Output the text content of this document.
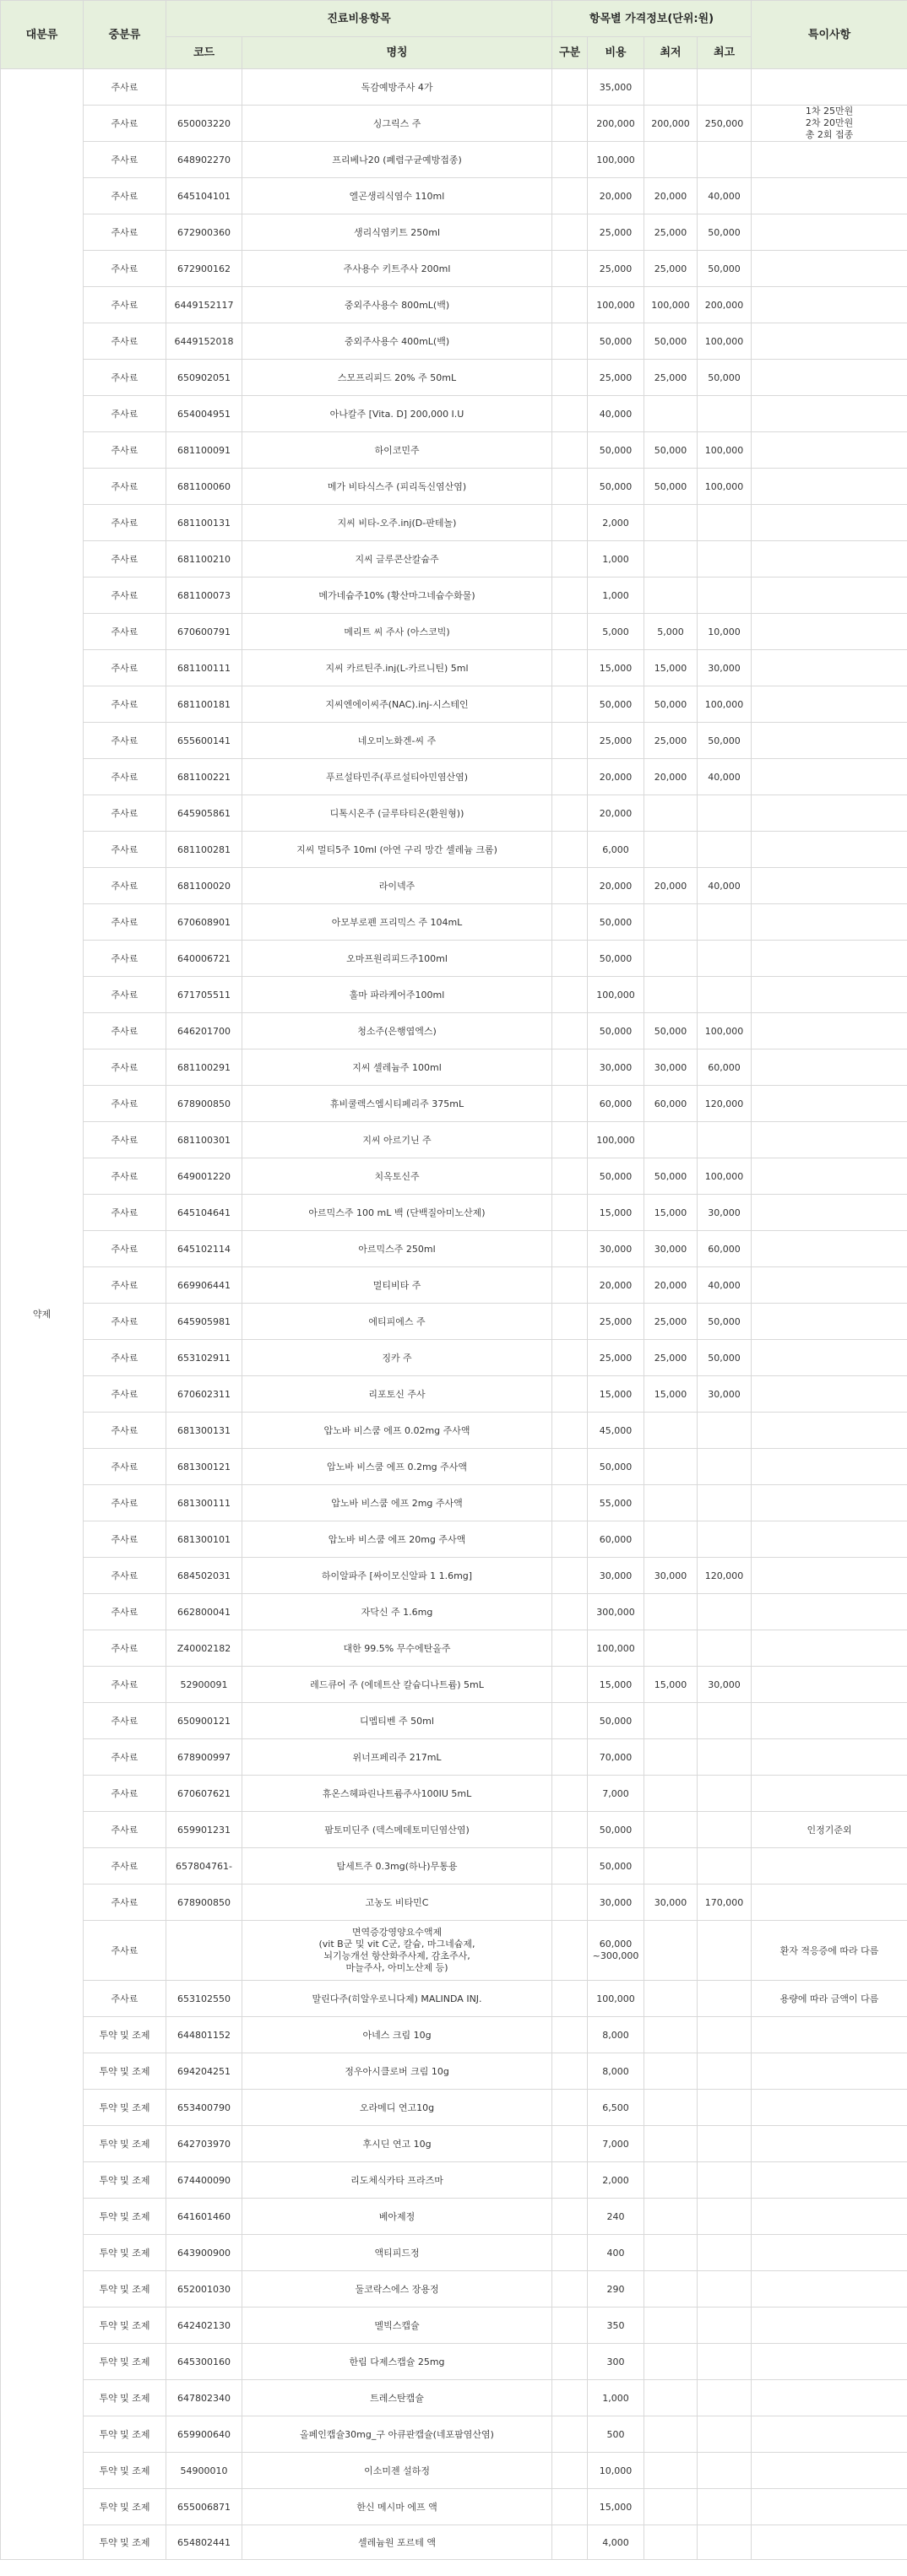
대분류	중분류	진료비용항목		항목별 가격정보(단위:원)				특이사항
		코드	명칭	구분	비용	최저	최고	
약제	주사료		독감예방주사 4가		35,000			
	주사료	650003220	싱그릭스 주		200,000	200,000	250,000	1차 25만원
2차 20만원
총 2회 접종
	주사료	648902270	프리베나20 (폐렴구균예방접종)		100,000			
	주사료	645104101	엘곤생리식염수 110ml		20,000	20,000	40,000	
	주사료	672900360	생리식염키트 250ml		25,000	25,000	50,000	
	주사료	672900162	주사용수 키트주사 200ml		25,000	25,000	50,000	
	주사료	6449152117	중외주사용수 800mL(백)		100,000	100,000	200,000	
	주사료	6449152018	중외주사용수 400mL(백)		50,000	50,000	100,000	
	주사료	650902051	스모프리피드 20% 주 50mL		25,000	25,000	50,000	
	주사료	654004951	아나칼주 [Vita. D] 200,000 I.U		40,000			
	주사료	681100091	하이코민주		50,000	50,000	100,000	
	주사료	681100060	메가 비타식스주 (피리독신염산염)		50,000	50,000	100,000	
	주사료	681100131	지씨 비타-오주.inj(D-판테놀)		2,000			
	주사료	681100210	지씨 글루콘산칼슘주		1,000			
	주사료	681100073	메가네슘주10% (황산마그네슘수화물)		1,000			
	주사료	670600791	메리트 씨 주사 (아스코빅)		5,000	5,000	10,000	
	주사료	681100111	지씨 카르틴주.inj(L-카르니틴) 5ml		15,000	15,000	30,000	
	주사료	681100181	지씨엔에이씨주(NAC).inj-시스테인		50,000	50,000	100,000	
	주사료	655600141	네오미노화겐-씨 주		25,000	25,000	50,000	
	주사료	681100221	푸르설타민주(푸르설티아민염산염)		20,000	20,000	40,000	
	주사료	645905861	디톡시온주 (글루타티온(환원형))		20,000			
	주사료	681100281	지씨 멀티5주 10ml (아연 구리 망간 셀레늄 크롬)		6,000			
	주사료	681100020	라이넥주		20,000	20,000	40,000	
	주사료	670608901	아모부로펜 프리믹스 주 104mL		50,000			
	주사료	640006721	오마프원리피드주100ml		50,000			
	주사료	671705511	훌마 파라케어주100ml		100,000			
	주사료	646201700	청소주(은행엽엑스)		50,000	50,000	100,000	
	주사료	681100291	지씨 셀레늄주 100ml		30,000	30,000	60,000	
	주사료	678900850	휴비쿨렉스엠시티페리주 375mL		60,000	60,000	120,000	
	주사료	681100301	지씨 아르기닌 주		100,000			
	주사료	649001220	치옥토신주		50,000	50,000	100,000	
	주사료	645104641	아르믹스주 100 mL 백 (단백질아미노산제)		15,000	15,000	30,000	
	주사료	645102114	아르믹스주 250ml		30,000	30,000	60,000	
	주사료	669906441	멀티비타 주		20,000	20,000	40,000	
	주사료	645905981	에티피에스 주		25,000	25,000	50,000	
	주사료	653102911	징카 주		25,000	25,000	50,000	
	주사료	670602311	리포토신 주사		15,000	15,000	30,000	
	주사료	681300131	압노바 비스쿰 에프 0.02mg 주사액		45,000			
	주사료	681300121	압노바 비스쿰 에프 0.2mg 주사액		50,000			
	주사료	681300111	압노바 비스쿰 에프 2mg 주사액		55,000			
	주사료	681300101	압노바 비스쿰 에프 20mg 주사액		60,000			
	주사료	684502031	하이알파주 [싸이모신알파 1 1.6mg]		30,000	30,000	120,000	
	주사료	662800041	자닥신 주 1.6mg		300,000			
	주사료	Z40002182	대한 99.5% 무수에탄올주		100,000			
	주사료	52900091	레드큐어 주 (에데트산 칼슘디나트륨) 5mL		15,000	15,000	30,000	
	주사료	650900121	디멥티벤 주 50ml		50,000			
	주사료	678900997	위너프페리주 217mL		70,000			
	주사료	670607621	휴온스헤파린나트륨주사100IU 5mL		7,000			
	주사료	659901231	팜토미딘주 (덱스메데토미딘염산염)		50,000			인정기준외
	주사료	657804761-	탐세트주 0.3mg(하나)무통용		50,000			
	주사료	678900850	고농도 비타민C		30,000	30,000	170,000	
	주사료		면역증강영양요수액제
(vit B군 및 vit C군, 칼슘, 마그네슘제,
뇌기능개선 항산화주사제, 감초주사,
마늘주사, 아미노산제 등)		60,000
~300,000			환자 적응증에 따라 다름
	주사료	653102550	말린다주(히알우로니다제) MALINDA INJ.		100,000			용량에 따라 금액이 다름
	투약 및 조제	644801152	아네스 크림 10g		8,000			
	투약 및 조제	694204251	정우아시클로버 크림 10g		8,000			
	투약 및 조제	653400790	오라메디 연고10g		6,500			
	투약 및 조제	642703970	후시딘 연고 10g		7,000			
	투약 및 조제	674400090	리도체식카타 프라즈마		2,000			
	투약 및 조제	641601460	베아제정		240			
	투약 및 조제	643900900	액티피드정		400			
	투약 및 조제	652001030	둘코락스에스 장용정		290			
	투약 및 조제	642402130	멜빅스캡슐		350			
	투약 및 조제	645300160	한림 다제스캡슐 25mg		300			
	투약 및 조제	647802340	트레스탄캡슐		1,000			
	투약 및 조제	659900640	올페인캡슐30mg_구 아큐판캡슐(네포팜염산염)		500			
	투약 및 조제	54900010	이소미젠 설하정		10,000			
	투약 및 조제	655006871	한신 메시마 에프 액		15,000			
	투약 및 조제	654802441	셀레늄원 포르테 액		4,000			
